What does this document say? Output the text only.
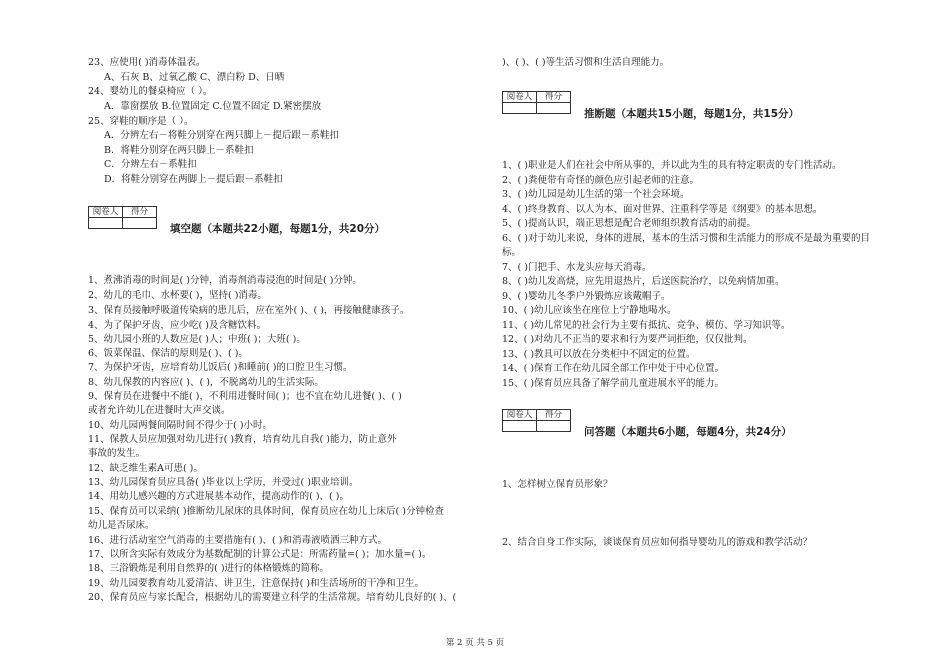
23、应使用( )消毒体温表。
A、石灰 B、过氧乙酸 C、漂白粉 D、日晒
24、婴幼儿的餐桌椅应（ ）。
A．靠窗摆放 B.位置固定 C.位置不固定 D.紧密摆放
25、穿鞋的顺序是（ ）。
A．分辨左右－将鞋分别穿在两只脚上－提后跟－系鞋扣
B．将鞋分别穿在两只脚上－系鞋扣
C．分辨左右－系鞋扣
D．将鞋分别穿在两脚上－提后跟－系鞋扣
阅卷人	得分

填空题（本题共22小题，每题1分，共20分）
1、煮沸消毒的时间是( )分钟，消毒剂消毒浸泡的时间是( )分钟。
2、幼儿的毛巾、水杯要( )，坚持( )消毒。
3、保育员接触呼吸道传染病的患儿后，应在室外( )、( )，再接触健康孩子。
4、为了保护牙齿，应少吃( )及含糖饮料。
5、幼儿园小班的人数应是( )人；中班( )；大班( )。
6、饭菜保温、保洁的原则是( )、( )。
7、为保护牙齿，应培育幼儿饭后( )和睡前( )的口腔卫生习惯。
8、幼儿保教的内容应( )、( )，不脱离幼儿的生活实际。
9、保育员在进餐中不能( )，不利用进餐时间( )；也不宜在幼儿进餐( )、( )
或者允许幼儿在进餐时大声交谈。
10、幼儿园两餐间隔时间不得少于( )小时。
11、保教人员应加强对幼儿进行( )教育，培育幼儿自我( )能力，防止意外
事故的发生。
12、缺乏维生素A可患( )。
13、幼儿园保育员应具备( )毕业以上学历，并受过( )职业培训。
14、用幼儿感兴趣的方式进展基本动作，提高动作的( )、( )。
15、保育员可以采纳( )推断幼儿尿床的具体时间，保育员应在幼儿上床后( )分钟检查
幼儿是否尿床。
16、进行活动室空气消毒的主要措施有( )、( )和消毒液喷洒三种方式。
17、以所含实际有效成分为基数配制的计算公式是：所需药量=( )；加水量=( )。
18、三浴锻炼是利用自然界的( )进行的体格锻炼的简称。
19、幼儿园要教育幼儿爱清洁、讲卫生，注意保持( )和生活场所的干净和卫生。
20、保育员应与家长配合，根据幼儿的需要建立科学的生活常规。培育幼儿良好的( )、(
)、( )、( )等生活习惯和生活自理能力。
阅卷人	得分

推断题（本题共15小题，每题1分，共15分）
1、( )职业是人们在社会中所从事的，并以此为生的具有特定职责的专门性活动。
2、( )粪便带有奇怪的颜色应引起老师的注意。
3、( )幼儿园是幼儿生活的第一个社会环境。
4、( )终身教育、以人为本、面对世界、注重科学等是《纲要》的基本思想。
5、( )提高认识，端正思想是配合老师组织教育活动的前提。
6、( )对于幼儿来说，身体的进展，基本的生活习惯和生活能力的形成不是最为重要的目
标。
7、( )门把手、水龙头应每天消毒。
8、( )幼儿发高烧，应先用退热片，后送医院治疗，以免病情加重。
9、( )婴幼儿冬季户外锻炼应该戴帽子。
10、( )幼儿应该坐在座位上宁静地喝水。
11、( )幼儿常见的社会行为主要有抵抗、竞争、模仿、学习知识等。
12、( )对幼儿不正当的要求和行为要严词拒绝，仅仅批判。
13、( )教具可以放在分类柜中不固定的位置。
14、( )保育工作在幼儿园全部工作中处于中心位置。
15、( )保育员应具备了解学前儿童进展水平的能力。
阅卷人	得分

问答题（本题共6小题，每题4分，共24分）
1、怎样树立保育员形象？
2、结合自身工作实际，谈谈保育员应如何指导婴幼儿的游戏和教学活动？
第 2 页 共 5 页
